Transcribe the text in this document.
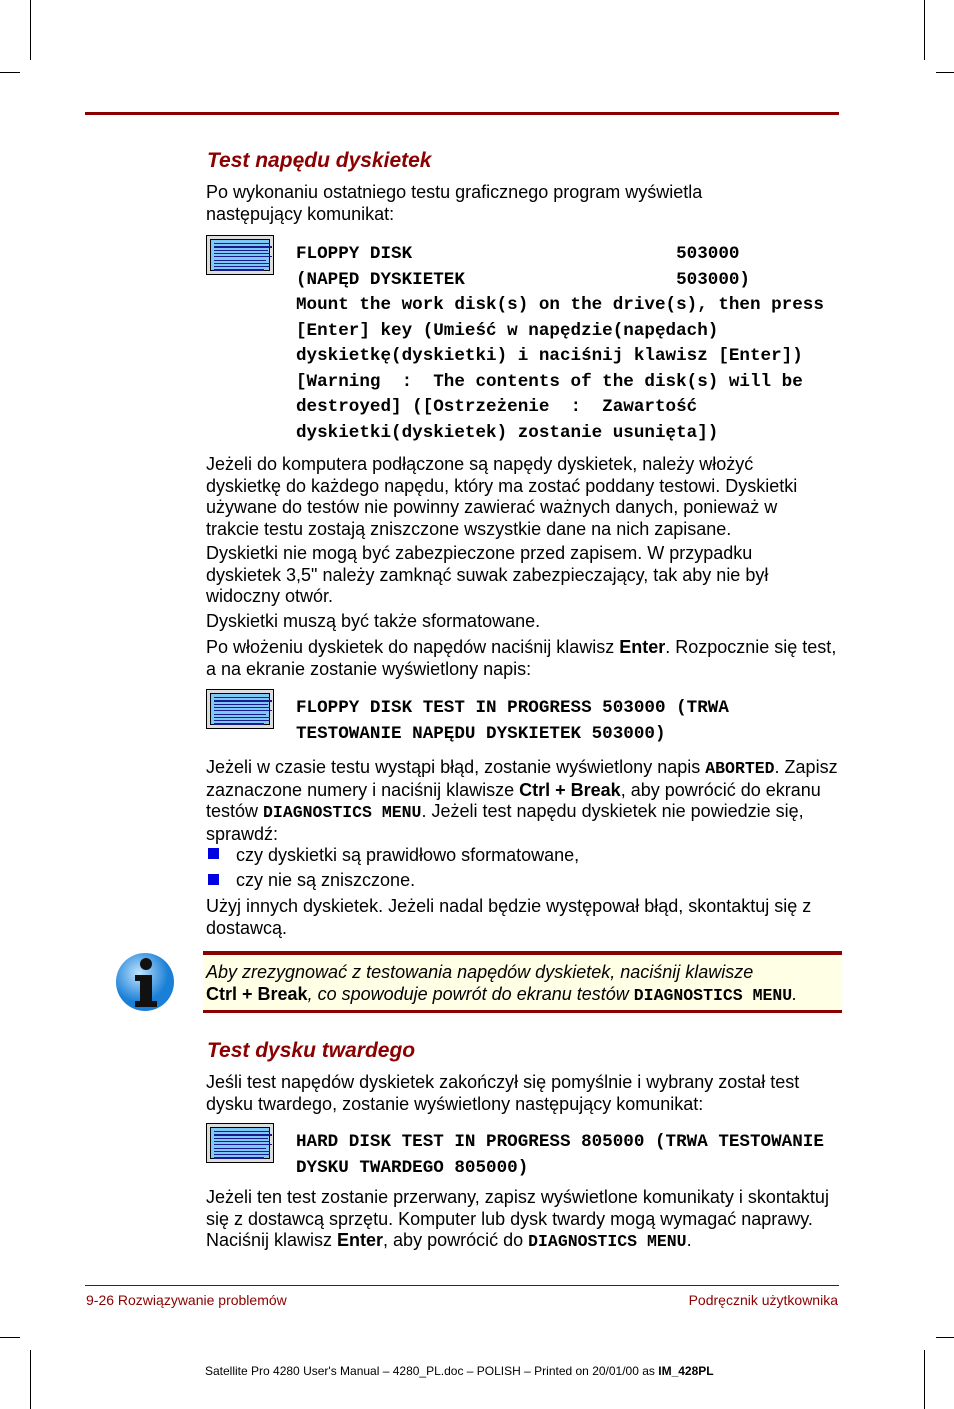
Test napędu dyskietek

Po wykonaniu ostatniego testu graficznego program wyświetla następujący komunikat:

FLOPPY DISK                         503000
(NAPĘD DYSKIETEK                    503000)
Mount the work disk(s) on the drive(s), then press
[Enter] key (Umieść w napędzie(napędach)
dyskietkę(dyskietki) i naciśnij klawisz [Enter])
[Warning  :  The contents of the disk(s) will be
destroyed] ([Ostrzeżenie  :  Zawartość
dyskietki(dyskietek) zostanie usunięta])

Jeżeli do komputera podłączone są napędy dyskietek, należy włożyć dyskietkę do każdego napędu, który ma zostać poddany testowi. Dyskietki używane do testów nie powinny zawierać ważnych danych, ponieważ w trakcie testu zostają zniszczone wszystkie dane na nich zapisane.

Dyskietki nie mogą być zabezpieczone przed zapisem. W przypadku dyskietek 3,5" należy zamknąć suwak zabezpieczający, tak aby nie był widoczny otwór.

Dyskietki muszą być także sformatowane.

Po włożeniu dyskietek do napędów naciśnij klawisz Enter. Rozpocznie się test, a na ekranie zostanie wyświetlony napis:

FLOPPY DISK TEST IN PROGRESS 503000 (TRWA
TESTOWANIE NAPĘDU DYSKIETEK 503000)

Jeżeli w czasie testu wystąpi błąd, zostanie wyświetlony napis ABORTED. Zapisz zaznaczone numery i naciśnij klawisze Ctrl + Break, aby powrócić do ekranu testów DIAGNOSTICS MENU. Jeżeli test napędu dyskietek nie powiedzie się, sprawdź:

czy dyskietki są prawidłowo sformatowane,

czy nie są zniszczone.

Użyj innych dyskietek. Jeżeli nadal będzie występował błąd, skontaktuj się z dostawcą.

Aby zrezygnować z testowania napędów dyskietek, naciśnij klawisze
Ctrl + Break, co spowoduje powrót do ekranu testów DIAGNOSTICS MENU.

Test dysku twardego

Jeśli test napędów dyskietek zakończył się pomyślnie i wybrany został test dysku twardego, zostanie wyświetlony następujący komunikat:

HARD DISK TEST IN PROGRESS 805000 (TRWA TESTOWANIE
DYSKU TWARDEGO 805000)

Jeżeli ten test zostanie przerwany, zapisz wyświetlone komunikaty i skontaktuj się z dostawcą sprzętu. Komputer lub dysk twardy mogą wymagać naprawy. Naciśnij klawisz Enter, aby powrócić do DIAGNOSTICS MENU.

9-26 Rozwiązywanie problemów	Podręcznik użytkownika
Satellite Pro 4280 User's Manual – 4280_PL.doc – POLISH – Printed on 20/01/00 as IM_428PL
